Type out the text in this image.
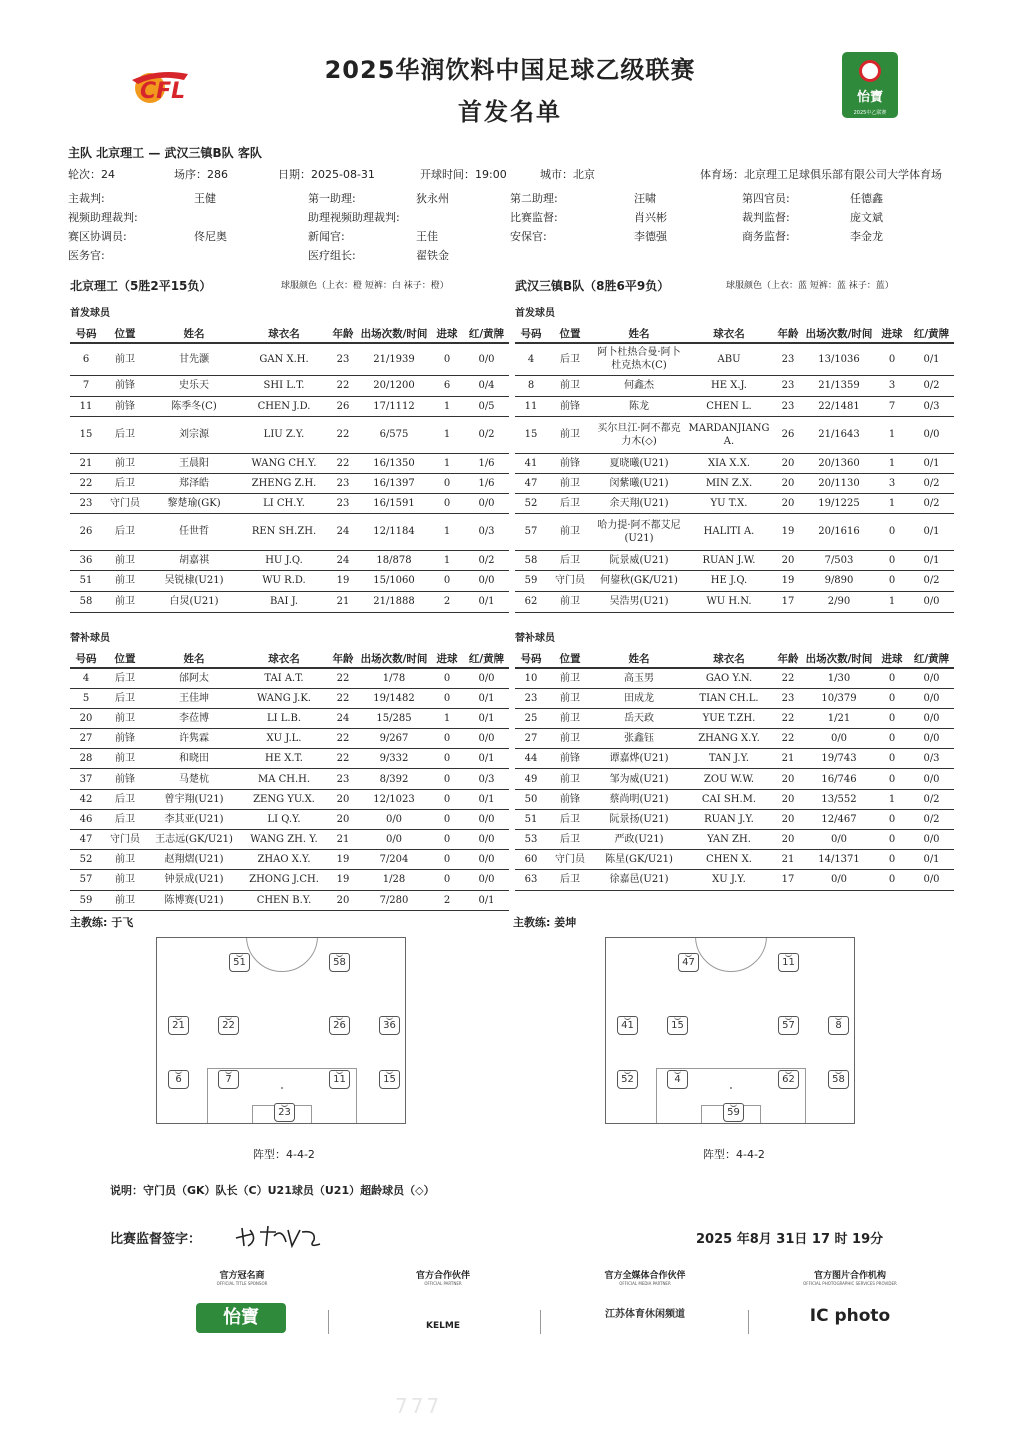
CFL
2025华润饮料中国足球乙级联赛
首发名单
怡寶
2025中乙联赛
主队 北京理工 — 武汉三镇B队 客队
轮次：24	场序：286	日期：2025-08-31	开球时间：19:00	城市：北京	体育场：北京理工足球俱乐部有限公司大学体育场
主裁判:	王健	第一助理:	狄永州	第二助理:	汪啸	第四官员:	任德鑫
视频助理裁判:	助理视频助理裁判:	比赛监督:	肖兴彬	裁判监督:	庞文斌
赛区协调员:	佟尼奥	新闻官:	王佳	安保官:	李德强	商务监督:	李金龙
医务官:	医疗组长:	翟铁金
北京理工（5胜2平15负）	球服颜色（上衣：橙 短裤：白 袜子：橙）	武汉三镇B队（8胜6平9负）	球服颜色（上衣：蓝 短裤：蓝 袜子：蓝）
首发球员	首发球员
号码	位置	姓名	球衣名	年龄	出场次数/时间	进球	红/黄牌
6	前卫	甘先灏	GAN X.H.	23	21/1939	0	0/0
7	前锋	史乐天	SHI L.T.	22	20/1200	6	0/4
11	前锋	陈季冬(C)	CHEN J.D.	26	17/1112	1	0/5
15	后卫	刘宗源	LIU Z.Y.	22	6/575	1	0/2
21	前卫	王晨阳	WANG CH.Y.	22	16/1350	1	1/6
22	后卫	郑泽皓	ZHENG Z.H.	23	16/1397	0	1/6
23	守门员	黎楚瑜(GK)	LI CH.Y.	23	16/1591	0	0/0
26	后卫	任世哲	REN SH.ZH.	24	12/1184	1	0/3
36	前卫	胡嘉祺	HU J.Q.	24	18/878	1	0/2
51	前卫	吴锐棣(U21)	WU R.D.	19	15/1060	0	0/0
58	前卫	白炅(U21)	BAI J.	21	21/1888	2	0/1
号码	位置	姓名	球衣名	年龄	出场次数/时间	进球	红/黄牌
4	后卫	阿卜杜热合曼·阿卜杜克热木(C)	ABU	23	13/1036	0	0/1
8	前卫	何鑫杰	HE X.J.	23	21/1359	3	0/2
11	前锋	陈龙	CHEN L.	23	22/1481	7	0/3
15	前卫	买尔旦江·阿不都克力木(◇)	MARDANJIANG A.	26	21/1643	1	0/0
41	前锋	夏晓曦(U21)	XIA X.X.	20	20/1360	1	0/1
47	前卫	闵紫曦(U21)	MIN Z.X.	20	20/1130	3	0/2
52	后卫	余天翔(U21)	YU T.X.	20	19/1225	1	0/2
57	前卫	哈力提·阿不都艾尼(U21)	HALITI A.	19	20/1616	0	0/1
58	后卫	阮景威(U21)	RUAN J.W.	20	7/503	0	0/1
59	守门员	何鋆秋(GK/U21)	HE J.Q.	19	9/890	0	0/2
62	前卫	吴浩男(U21)	WU H.N.	17	2/90	1	0/0
替补球员	替补球员
号码	位置	姓名	球衣名	年龄	出场次数/时间	进球	红/黄牌
4	后卫	邰阿太	TAI A.T.	22	1/78	0	0/0
5	后卫	王佳坤	WANG J.K.	22	19/1482	0	0/1
20	前卫	李莅博	LI L.B.	24	15/285	1	0/1
27	前锋	许隽霖	XU J.L.	22	9/267	0	0/0
28	前卫	和晓田	HE X.T.	22	9/332	0	0/1
37	前锋	马楚杭	MA CH.H.	23	8/392	0	0/3
42	后卫	曾宇翔(U21)	ZENG YU.X.	20	12/1023	0	0/1
46	后卫	李其亚(U21)	LI Q.Y.	20	0/0	0	0/0
47	守门员	王志远(GK/U21)	WANG ZH. Y.	21	0/0	0	0/0
52	前卫	赵翔熠(U21)	ZHAO X.Y.	19	7/204	0	0/0
57	前卫	钟景成(U21)	ZHONG J.CH.	19	1/28	0	0/0
59	前卫	陈博赛(U21)	CHEN B.Y.	20	7/280	2	0/1
号码	位置	姓名	球衣名	年龄	出场次数/时间	进球	红/黄牌
10	前卫	高玉男	GAO Y.N.	22	1/30	0	0/0
23	前卫	田成龙	TIAN CH.L.	23	10/379	0	0/0
25	前卫	岳天政	YUE T.ZH.	22	1/21	0	0/0
27	前卫	张鑫钰	ZHANG X.Y.	22	0/0	0	0/0
44	前锋	谭嘉烨(U21)	TAN J.Y.	21	19/743	0	0/3
49	前卫	邹为威(U21)	ZOU W.W.	20	16/746	0	0/0
50	前锋	蔡尚明(U21)	CAI SH.M.	20	13/552	1	0/2
51	后卫	阮景扬(U21)	RUAN J.Y.	20	12/467	0	0/2
53	后卫	严政(U21)	YAN ZH.	20	0/0	0	0/0
60	守门员	陈星(GK/U21)	CHEN X.	21	14/1371	0	0/1
63	后卫	徐嘉邑(U21)	XU J.Y.	17	0/0	0	0/0
主教练: 于飞	主教练: 姜坤
51	58
21	22	26	36
6	7	11	15
23
47	11
41	15	57	8
52	4	62	58
59
阵型：4-4-2	阵型：4-4-2
说明：守门员（GK）队长（C）U21球员（U21）超龄球员（◇）
比赛监督签字：	2025 年8月 31日 17 时 19分
官方冠名商
OFFICIAL TITLE SPONSOR
怡寶
官方合作伙伴
OFFICIAL PARTNER
KELME
官方全媒体合作伙伴
OFFICIAL MEDIA PARTNER
江苏体育休闲频道
官方图片合作机构
OFFICIAL PHOTOGRAPHIC SERVICES PROVIDER
IC photo
777
